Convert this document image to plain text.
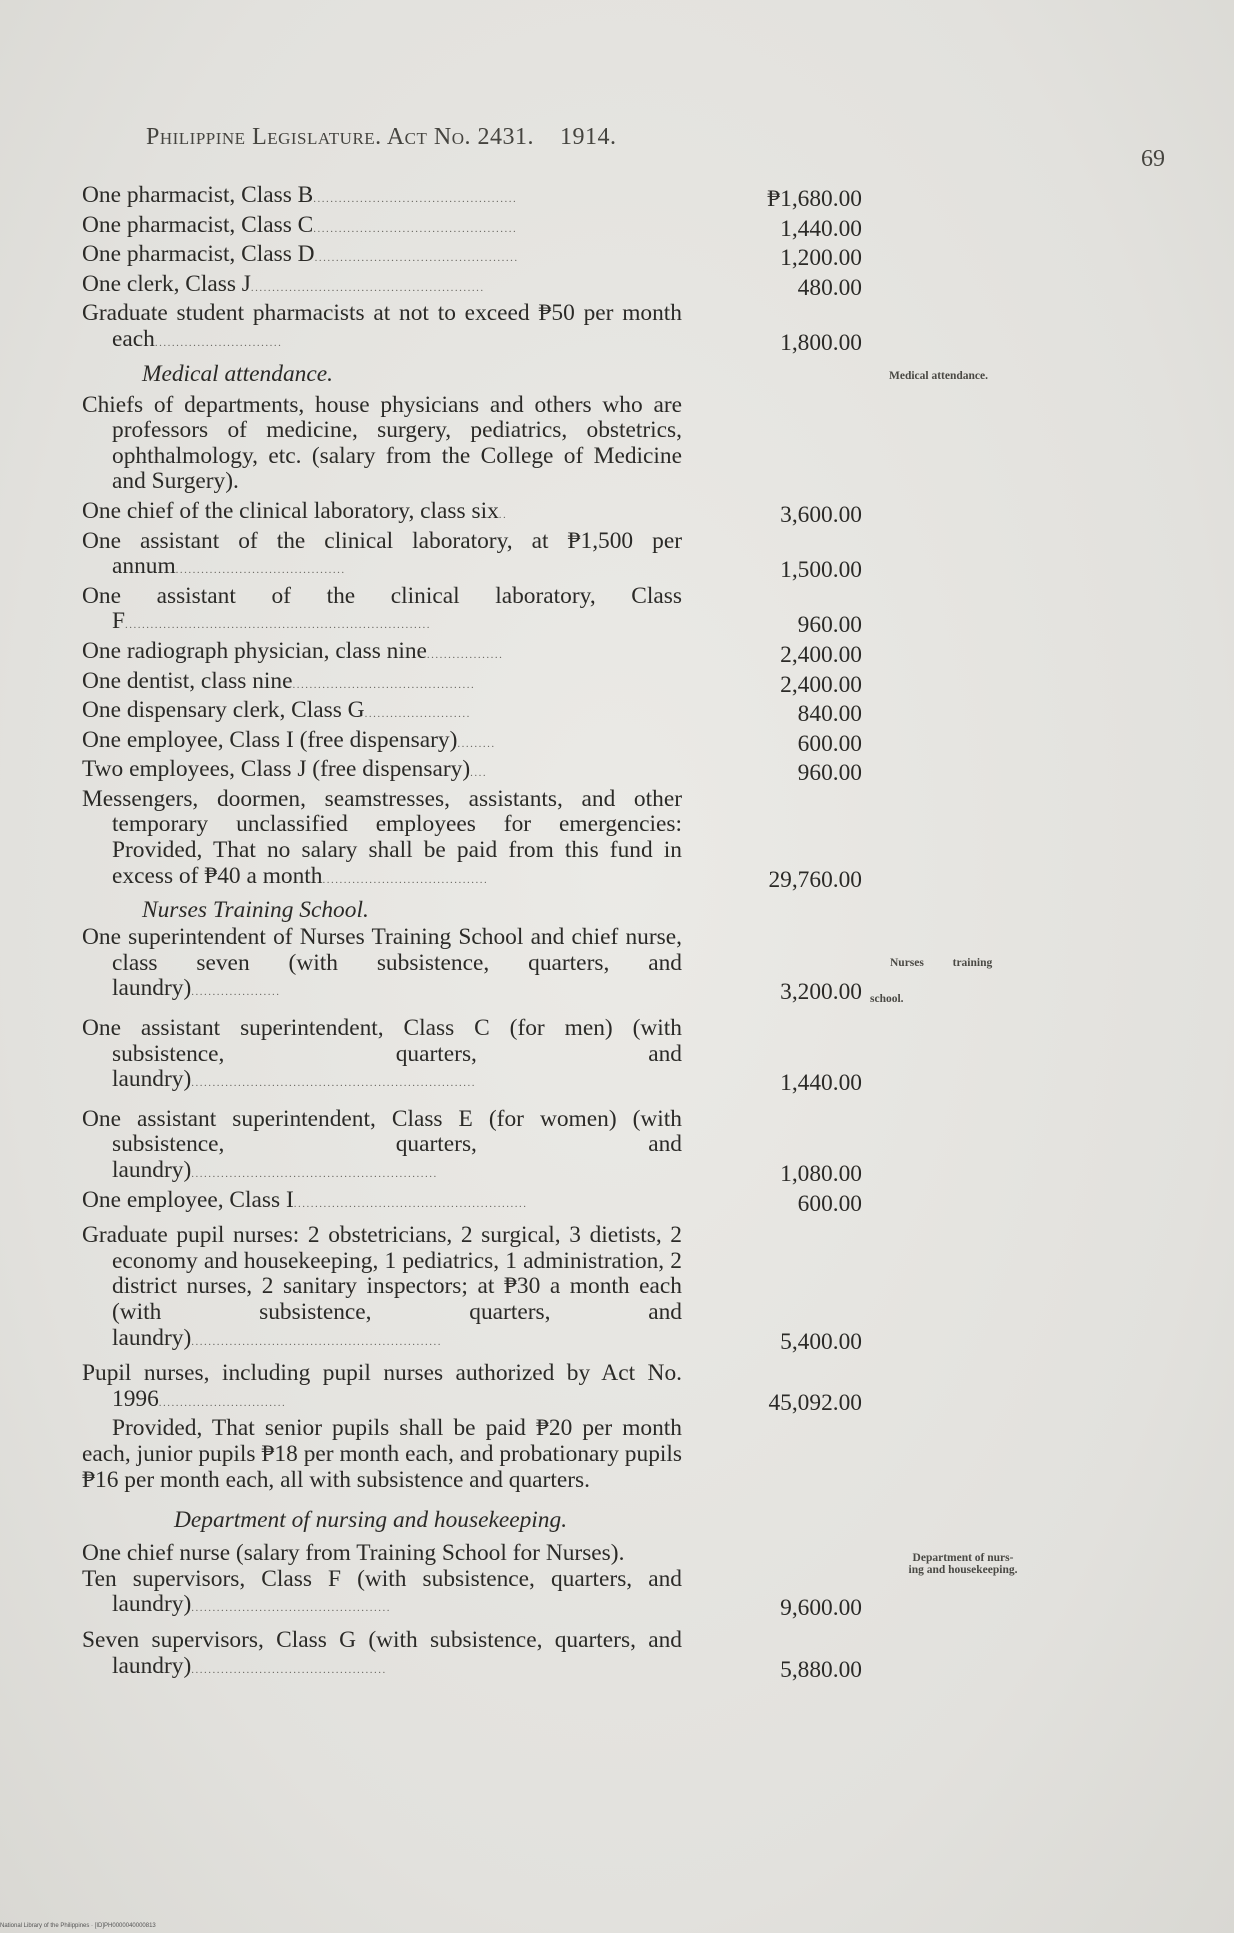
Philippine Legislature. Act No. 2431. 1914.
69
One pharmacist, Class B................................................	₱1,680.00
One pharmacist, Class C................................................	1,440.00
One pharmacist, Class D................................................	1,200.00
One clerk, Class J.......................................................	480.00
Graduate student pharmacists at not to exceed ₱50 per month each..............................	1,800.00
Medical attendance.
Chiefs of departments, house physicians and others who are professors of medicine, surgery, pediatrics, obstetrics, ophthalmology, etc. (salary from the College of Medicine and Surgery).
One chief of the clinical laboratory, class six..	3,600.00
One assistant of the clinical laboratory, at ₱1,500 per annum........................................	1,500.00
One assistant of the clinical laboratory, Class F........................................................................	960.00
One radiograph physician, class nine..................	2,400.00
One dentist, class nine...........................................	2,400.00
One dispensary clerk, Class G.........................	840.00
One employee, Class I (free dispensary).........	600.00
Two employees, Class J (free dispensary)....	960.00
Messengers, doormen, seamstresses, assistants, and other temporary unclassified employees for emergencies: Provided, That no salary shall be paid from this fund in excess of ₱40 a month.......................................	29,760.00
Nurses Training School.
One superintendent of Nurses Training School and chief nurse, class seven (with subsistence, quarters, and laundry).....................	3,200.00
One assistant superintendent, Class C (for men) (with subsistence, quarters, and laundry)...................................................................	1,440.00
One assistant superintendent, Class E (for women) (with subsistence, quarters, and laundry)..........................................................	1,080.00
One employee, Class I.......................................................	600.00
Graduate pupil nurses: 2 obstetricians, 2 surgical, 3 dietists, 2 economy and housekeeping, 1 pediatrics, 1 administration, 2 district nurses, 2 sanitary inspectors; at ₱30 a month each (with subsistence, quarters, and laundry)...........................................................	5,400.00
Pupil nurses, including pupil nurses authorized by Act No. 1996..............................	45,092.00
Provided, That senior pupils shall be paid ₱20 per month each, junior pupils ₱18 per month each, and probationary pupils ₱16 per month each, all with subsistence and quarters.
Department of nursing and housekeeping.
One chief nurse (salary from Training School for Nurses).
Ten supervisors, Class F (with subsistence, quarters, and laundry)...............................................	9,600.00
Seven supervisors, Class G (with subsistence, quarters, and laundry)..............................................	5,880.00
Medical attendance.

Nurses          training

school.

Department of nurs-
ing and housekeeping.
National Library of the Philippines · [ID]PH0000040000813
